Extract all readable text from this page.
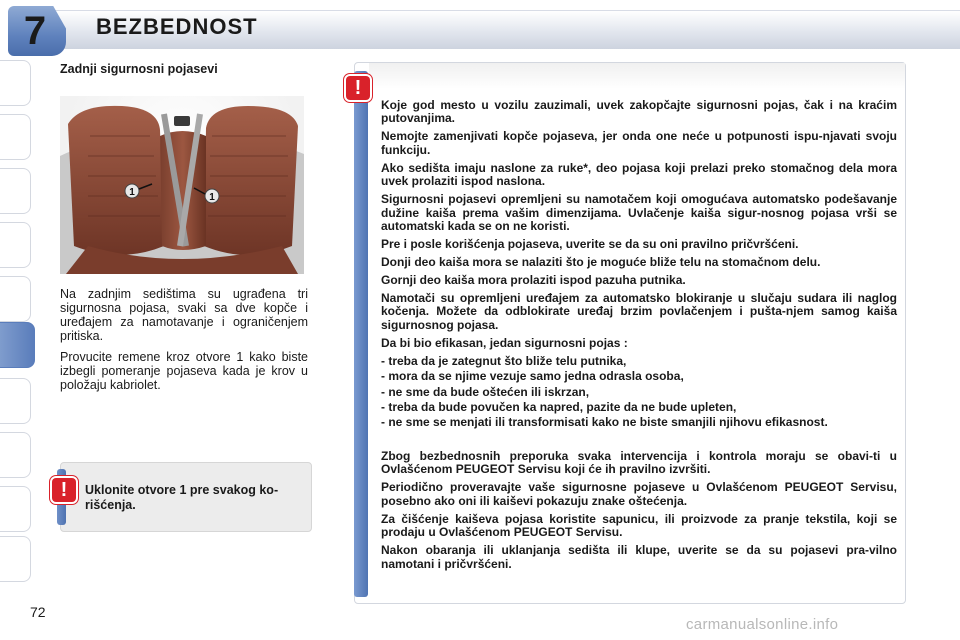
7	BEZBEDNOST
Zadnji sigurnosni pojasevi
1	1

Na zadnjim sedištima su ugrađena tri sigurnosna pojasa, svaki sa dve kopče i uređajem za namotavanje i ograničenjem pritiska.

Provucite remene kroz otvore 1 kako biste izbegli pomeranje pojaseva kada je krov u položaju kabriolet.

Uklonite otvore 1 pre svakog ko-rišćenja.
!

Koje god mesto u vozilu zauzimali, uvek zakopčajte sigurnosni pojas, čak i na kraćim putovanjima.

Nemojte zamenjivati kopče pojaseva, jer onda one neće u potpunosti ispu-njavati svoju funkciju.

Ako sedišta imaju naslone za ruke*, deo pojasa koji prelazi preko stomačnog dela mora uvek prolaziti ispod naslona.

Sigurnosni pojasevi opremljeni su namotačem koji omogućava automatsko podešavanje dužine kaiša prema vašim dimenzijama. Uvlačenje kaiša sigur-nosnog pojasa vrši se automatski kada se on ne koristi.

Pre i posle korišćenja pojaseva, uverite se da su oni pravilno pričvršćeni.

Donji deo kaiša mora se nalaziti što je moguće bliže telu na stomačnom delu.

Gornji deo kaiša mora prolaziti ispod pazuha putnika.

Namotači su opremljeni uređajem za automatsko blokiranje u slučaju sudara ili naglog kočenja. Možete da odblokirate uređaj brzim povlačenjem i pušta-njem samog kaiša sigurnosnog pojasa.

Da bi bio efikasan, jedan sigurnosni pojas :

- treba da je zategnut što bliže telu putnika,
- mora da se njime vezuje samo jedna odrasla osoba,
- ne sme da bude oštećen ili iskrzan,
- treba da bude povučen ka napred, pazite da ne bude upleten,
- ne sme se menjati ili transformisati kako ne biste smanjili njihovu efikasnost.

Zbog bezbednosnih preporuka svaka intervencija i kontrola moraju se obavi-ti u Ovlašćenom PEUGEOT Servisu koji će ih pravilno izvršiti.

Periodično proveravajte vaše sigurnosne pojaseve u Ovlašćenom PEUGEOT Servisu, posebno ako oni ili kaiševi pokazuju znake oštećenja.

Za čišćenje kaiševa pojasa koristite sapunicu, ili proizvode za pranje tekstila, koji se prodaju u Ovlašćenom PEUGEOT Servisu.

Nakon obaranja ili uklanjanja sedišta ili klupe, uverite se da su pojasevi pra-vilno namotani i pričvršćeni.

!
72
carmanualsonline.info
